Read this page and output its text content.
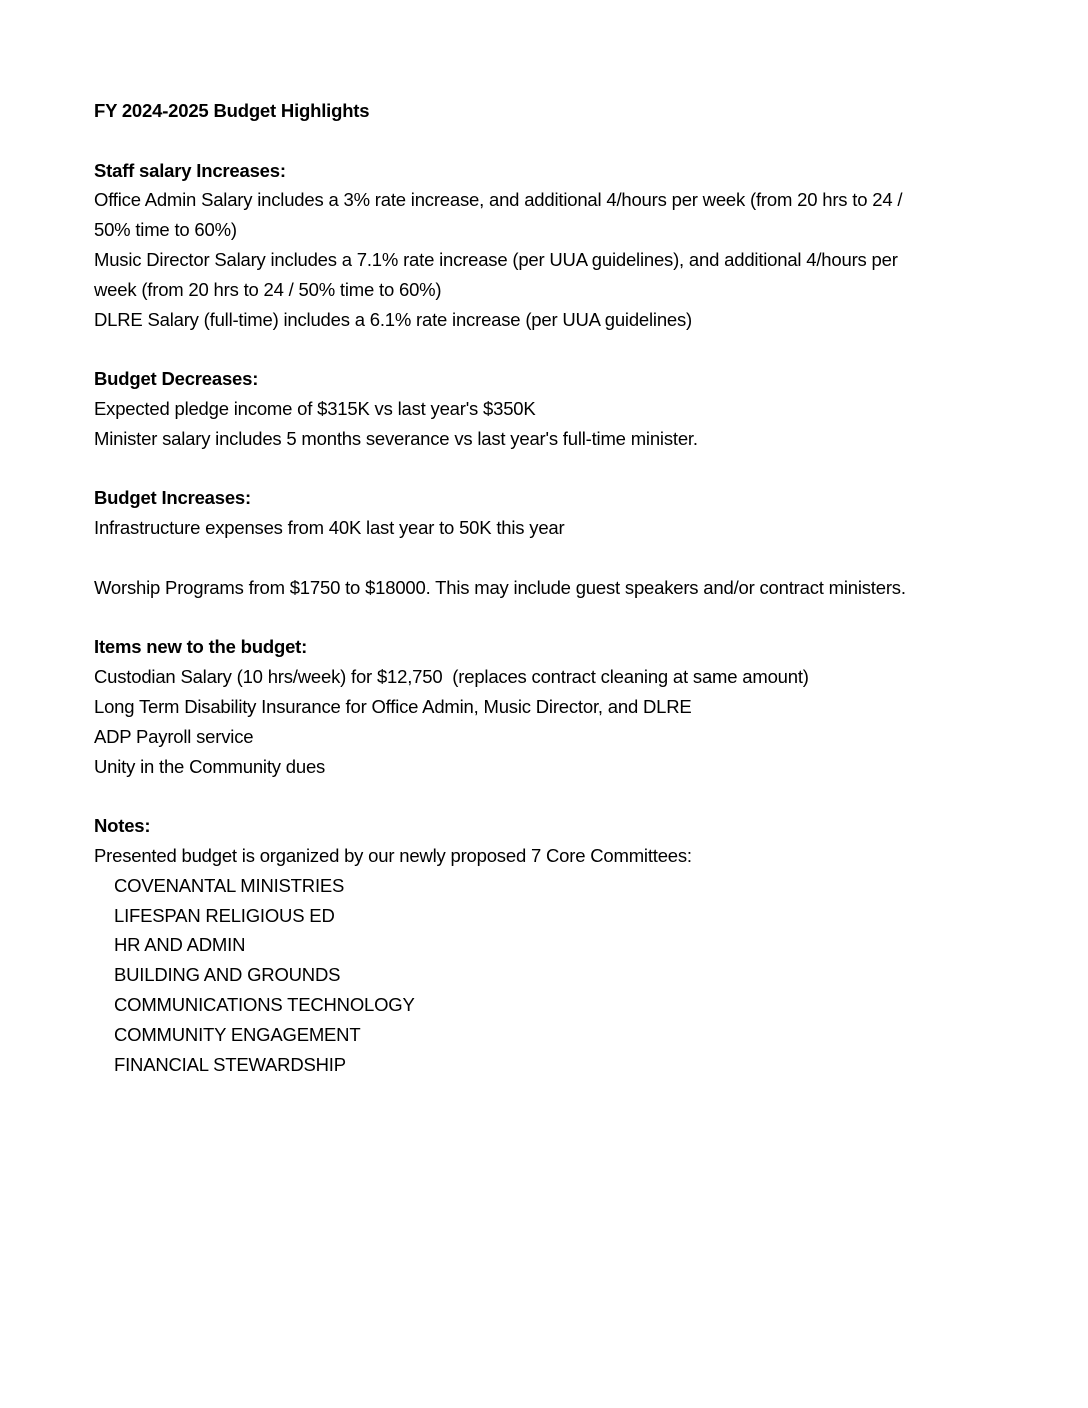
FY 2024-2025 Budget Highlights
Staff salary Increases:
Office Admin Salary includes a 3% rate increase, and additional 4/hours per week (from 20 hrs to 24 /
50% time to 60%)
Music Director Salary includes a 7.1% rate increase (per UUA guidelines), and additional 4/hours per
week (from 20 hrs to 24 / 50% time to 60%)
DLRE Salary (full-time) includes a 6.1% rate increase (per UUA guidelines)
Budget Decreases:
Expected pledge income of $315K vs last year's $350K
Minister salary includes 5 months severance vs last year's full-time minister.
Budget Increases:
Infrastructure expenses from 40K last year to 50K this year
Worship Programs from $1750 to $18000. This may include guest speakers and/or contract ministers.
Items new to the budget:
Custodian Salary (10 hrs/week) for $12,750  (replaces contract cleaning at same amount)
Long Term Disability Insurance for Office Admin, Music Director, and DLRE
ADP Payroll service
Unity in the Community dues
Notes:
Presented budget is organized by our newly proposed 7 Core Committees:
COVENANTAL MINISTRIES
LIFESPAN RELIGIOUS ED
HR AND ADMIN
BUILDING AND GROUNDS
COMMUNICATIONS TECHNOLOGY
COMMUNITY ENGAGEMENT
FINANCIAL STEWARDSHIP
